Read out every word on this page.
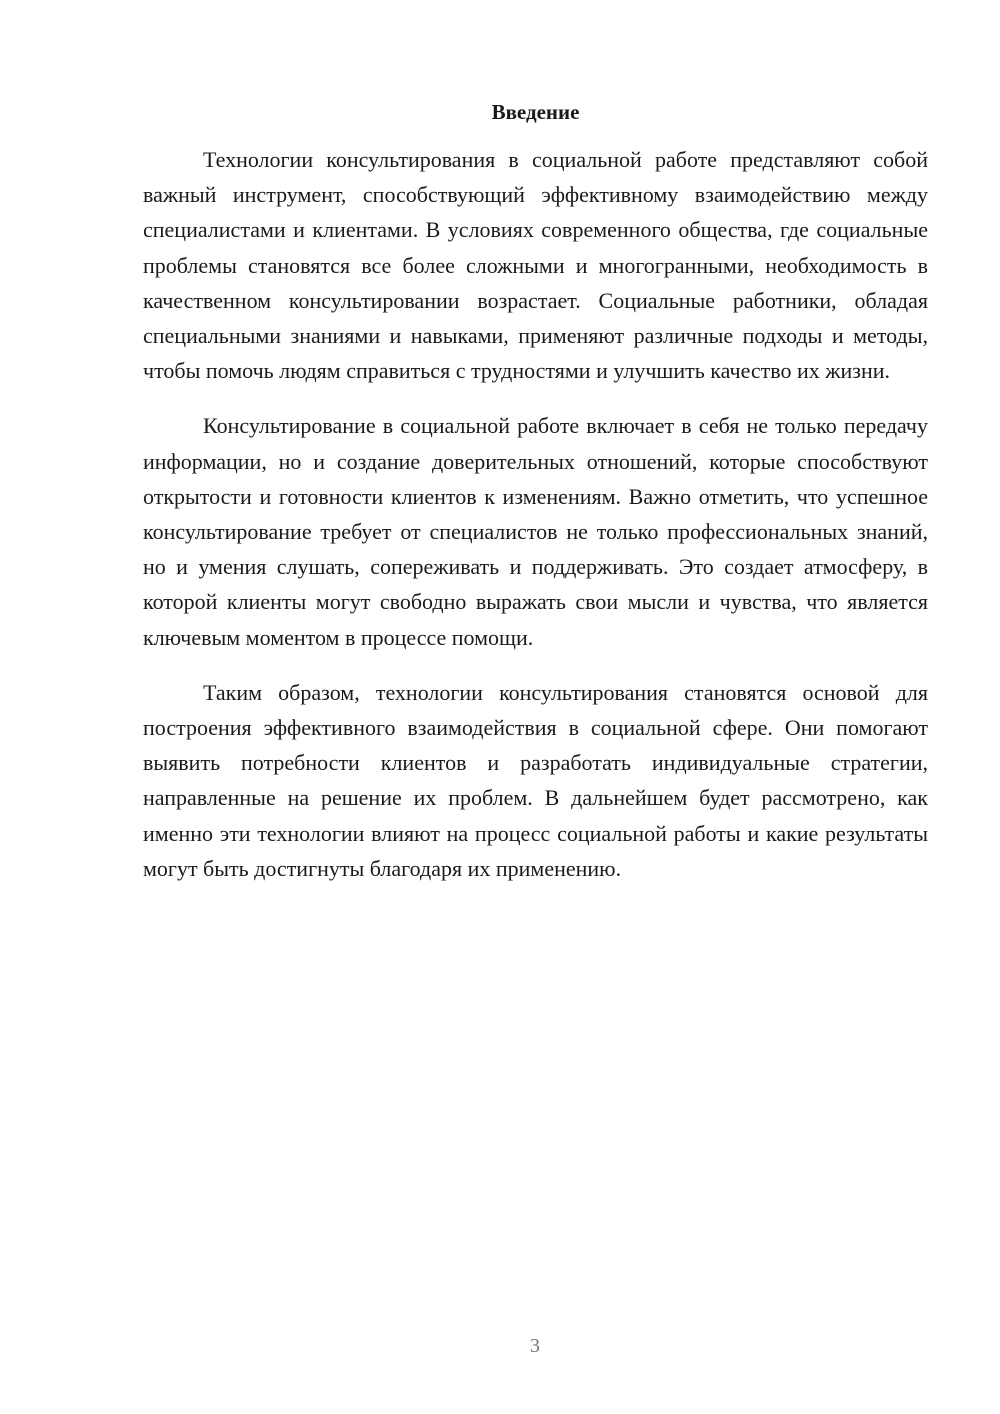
Введение

Технологии консультирования в социальной работе представляют собой важный инструмент, способствующий эффективному взаимодействию между специалистами и клиентами. В условиях современного общества, где социальные проблемы становятся все более сложными и многогранными, необходимость в качественном консультировании возрастает. Социальные работники, обладая специальными знаниями и навыками, применяют различные подходы и методы, чтобы помочь людям справиться с трудностями и улучшить качество их жизни.

Консультирование в социальной работе включает в себя не только передачу информации, но и создание доверительных отношений, которые способствуют открытости и готовности клиентов к изменениям. Важно отметить, что успешное консультирование требует от специалистов не только профессиональных знаний, но и умения слушать, сопереживать и поддерживать. Это создает атмосферу, в которой клиенты могут свободно выражать свои мысли и чувства, что является ключевым моментом в процессе помощи.

Таким образом, технологии консультирования становятся основой для построения эффективного взаимодействия в социальной сфере. Они помогают выявить потребности клиентов и разработать индивидуальные стратегии, направленные на решение их проблем. В дальнейшем будет рассмотрено, как именно эти технологии влияют на процесс социальной работы и какие результаты могут быть достигнуты благодаря их применению.

3
